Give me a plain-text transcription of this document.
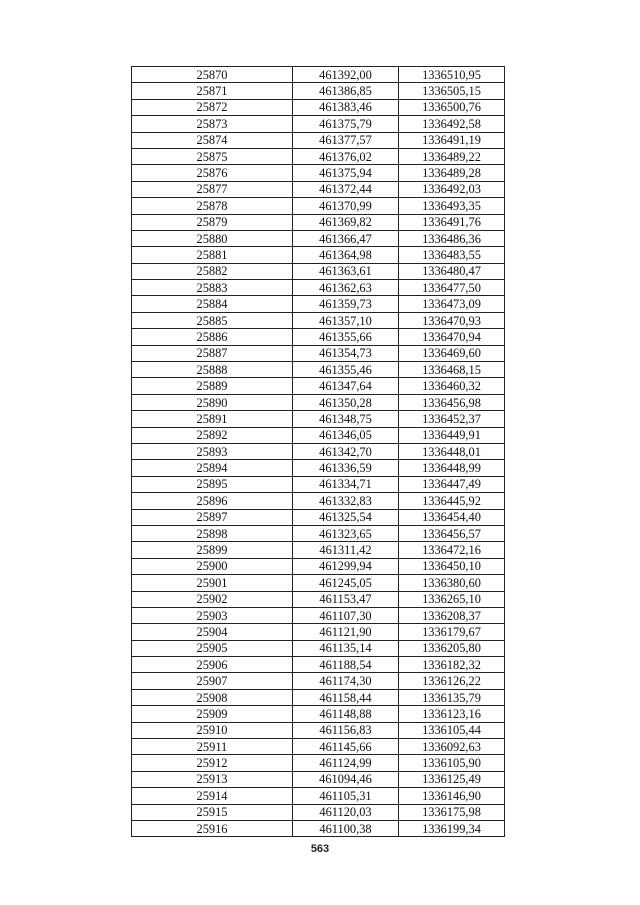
25870	461392,00	1336510,95
25871	461386,85	1336505,15
25872	461383,46	1336500,76
25873	461375,79	1336492,58
25874	461377,57	1336491,19
25875	461376,02	1336489,22
25876	461375,94	1336489,28
25877	461372,44	1336492,03
25878	461370,99	1336493,35
25879	461369,82	1336491,76
25880	461366,47	1336486,36
25881	461364,98	1336483,55
25882	461363,61	1336480,47
25883	461362,63	1336477,50
25884	461359,73	1336473,09
25885	461357,10	1336470,93
25886	461355,66	1336470,94
25887	461354,73	1336469,60
25888	461355,46	1336468,15
25889	461347,64	1336460,32
25890	461350,28	1336456,98
25891	461348,75	1336452,37
25892	461346,05	1336449,91
25893	461342,70	1336448,01
25894	461336,59	1336448,99
25895	461334,71	1336447,49
25896	461332,83	1336445,92
25897	461325,54	1336454,40
25898	461323,65	1336456,57
25899	461311,42	1336472,16
25900	461299,94	1336450,10
25901	461245,05	1336380,60
25902	461153,47	1336265,10
25903	461107,30	1336208,37
25904	461121,90	1336179,67
25905	461135,14	1336205,80
25906	461188,54	1336182,32
25907	461174,30	1336126,22
25908	461158,44	1336135,79
25909	461148,88	1336123,16
25910	461156,83	1336105,44
25911	461145,66	1336092,63
25912	461124,99	1336105,90
25913	461094,46	1336125,49
25914	461105,31	1336146,90
25915	461120,03	1336175,98
25916	461100,38	1336199,34
563
